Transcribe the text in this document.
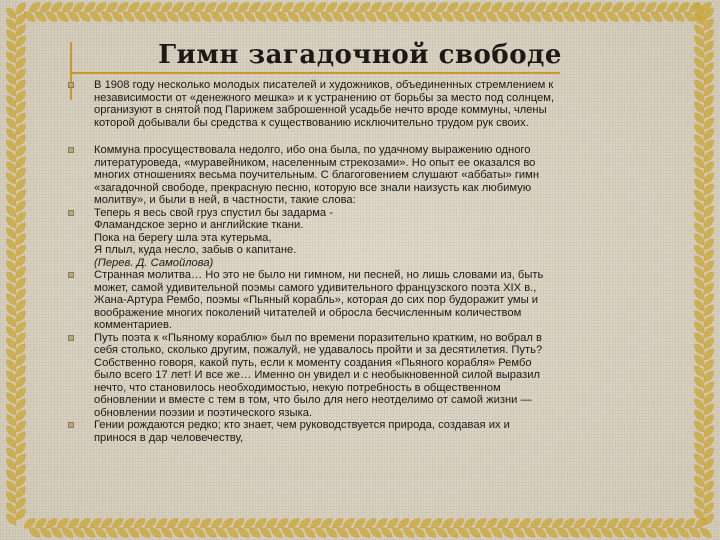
Гимн загадочной свободе
В 1908 году несколько молодых писателей и художников, объединенных стремлением к
независимости от «денежного мешка» и к устранению от борьбы за место под солнцем,
организуют в снятой под Парижем заброшенной усадьбе нечто вроде коммуны, члены
которой добывали бы средства к существованию исключительно трудом рук своих.
Коммуна просуществовала недолго, ибо она была, по удачному выражению одного
литературоведа, «муравейником, населенным стрекозами». Но опыт ее оказался во
многих отношениях весьма поучительным. С благоговением слушают «аббаты» гимн
«загадочной свободе, прекрасную песню, которую все знали наизусть как любимую
молитву», и были в ней, в частности, такие слова:
Теперь я весь свой груз спустил бы задарма -
Фламандское зерно и английские ткани.
Пока на берегу шла эта кутерьма,
Я плыл, куда несло, забыв о капитане.
(Перев. Д. Самойлова)
Странная молитва… Но это не было ни гимном, ни песней, но лишь словами из, быть
может, самой удивительной поэмы самого удивительного французского поэта XIX в.,
Жана-Артура Рембо, поэмы «Пьяный корабль», которая до сих пор будоражит умы и
воображение многих поколений читателей и обросла бесчисленным количеством
комментариев.
Путь поэта к «Пьяному кораблю» был по времени поразительно кратким, но вобрал в
себя столько, сколько другим, пожалуй, не удавалось пройти и за десятилетия. Путь?
Собственно говоря, какой путь, если к моменту создания «Пьяного корабля» Рембо
было всего 17 лет! И все же… Именно он увидел и с необыкновенной силой выразил
нечто, что становилось необходимостью, некую потребность в общественном
обновлении и вместе с тем в том, что было для него неотделимо от самой жизни —
обновлении поэзии и поэтического языка.
Гении рождаются редко; кто знает, чем руководствуется природа, создавая их и
принося в дар человечеству,
